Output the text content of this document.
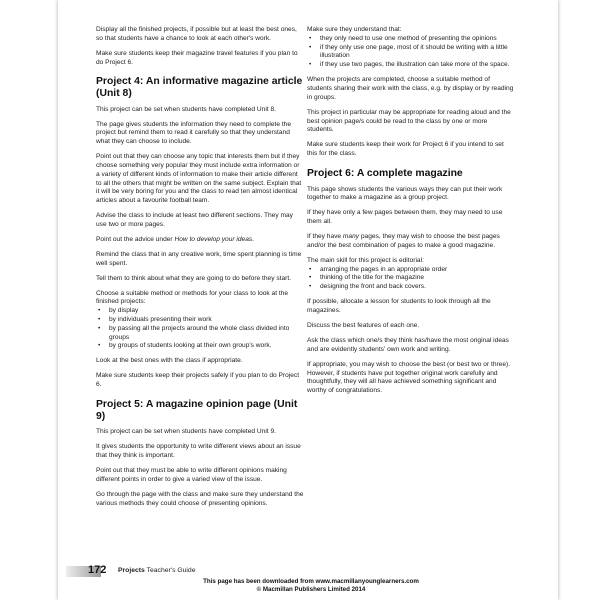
Display all the finished projects, if possible but at least the best ones, so that students have a chance to look at each other's work.

Make sure students keep their magazine travel features if you plan to do Project 6.

Project 4: An informative magazine article (Unit 8)

This project can be set when students have completed Unit 8.

The page gives students the information they need to complete the project but remind them to read it carefully so that they understand what they can choose to include.

Point out that they can choose any topic that interests them but if they choose something very popular they must include extra information or a variety of different kinds of information to make their article different to all the others that might be written on the same subject. Explain that it will be very boring for you and the class to read ten almost identical articles about a favourite football team.

Advise the class to include at least two different sections. They may use two or more pages.

Point out the advice under How to develop your ideas.

Remind the class that in any creative work, time spent planning is time well spent.

Tell them to think about what they are going to do before they start.

Choose a suitable method or methods for your class to look at the finished projects:

• by display
• by individuals presenting their work
• by passing all the projects around the whole class divided into groups
• by groups of students looking at their own group's work.

Look at the best ones with the class if appropriate.

Make sure students keep their projects safely if you plan to do Project 6.

Project 5: A magazine opinion page (Unit 9)

This project can be set when students have completed Unit 9.

It gives students the opportunity to write different views about an issue that they think is important.

Point out that they must be able to write different opinions making different points in order to give a varied view of the issue.

Go through the page with the class and make sure they understand the various methods they could choose of presenting opinions.

Make sure they understand that:

• they only need to use one method of presenting the opinions
• if they only use one page, most of it should be writing with a little illustration
• if they use two pages, the illustration can take more of the space.

When the projects are completed, choose a suitable method of students sharing their work with the class, e.g. by display or by reading in groups.

This project in particular may be appropriate for reading aloud and the best opinion page/s could be read to the class by one or more students.

Make sure students keep their work for Project 6 if you intend to set this for the class.

Project 6: A complete magazine

This page shows students the various ways they can put their work together to make a magazine as a group project.

If they have only a few pages between them, they may need to use them all.

If they have many pages, they may wish to choose the best pages and/or the best combination of pages to make a good magazine.

The main skill for this project is editorial:

• arranging the pages in an appropriate order
• thinking of the title for the magazine
• designing the front and back covers.

If possible, allocate a lesson for students to look through all the magazines.

Discuss the best features of each one.

Ask the class which one/s they think has/have the most original ideas and are evidently students' own work and writing.

If appropriate, you may wish to choose the best (or best two or three). However, if students have put together original work carefully and thoughtfully, they will all have achieved something significant and worthy of congratulations.

172 Projects Teacher's Guide
This page has been downloaded from www.macmillanyounglearners.com
© Macmillan Publishers Limited 2014
